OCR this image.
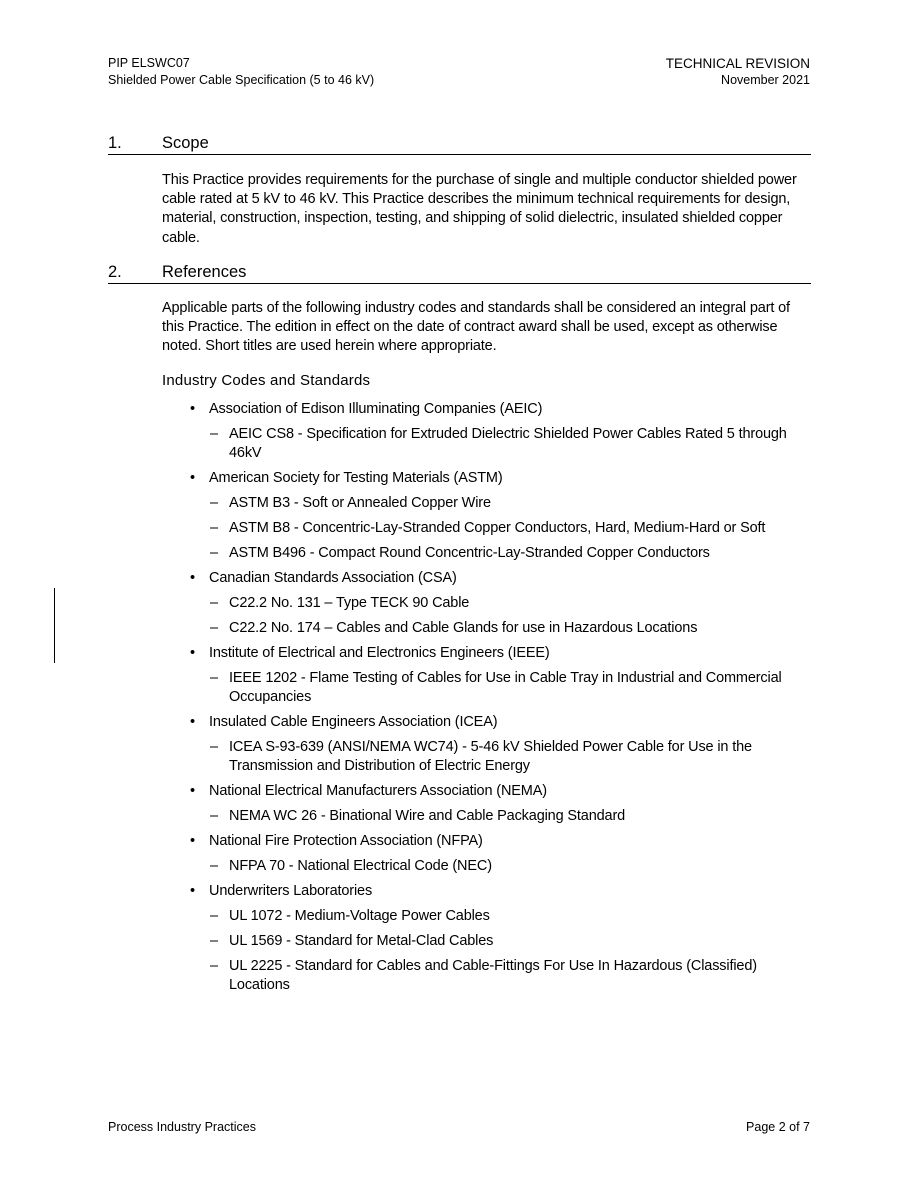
PIP ELSWC07
Shielded Power Cable Specification (5 to 46 kV)
TECHNICAL REVISION
November 2021
1.	Scope
This Practice provides requirements for the purchase of single and multiple conductor shielded power cable rated at 5 kV to 46 kV. This Practice describes the minimum technical requirements for design, material, construction, inspection, testing, and shipping of solid dielectric, insulated shielded copper cable.
2.	References
Applicable parts of the following industry codes and standards shall be considered an integral part of this Practice. The edition in effect on the date of contract award shall be used, except as otherwise noted. Short titles are used herein where appropriate.
Industry Codes and Standards
• Association of Edison Illuminating Companies (AEIC)
– AEIC CS8 - Specification for Extruded Dielectric Shielded Power Cables Rated 5 through 46kV
• American Society for Testing Materials (ASTM)
– ASTM B3 - Soft or Annealed Copper Wire
– ASTM B8 - Concentric-Lay-Stranded Copper Conductors, Hard, Medium-Hard or Soft
– ASTM B496 - Compact Round Concentric-Lay-Stranded Copper Conductors
• Canadian Standards Association (CSA)
– C22.2 No. 131 – Type TECK 90 Cable
– C22.2 No. 174 – Cables and Cable Glands for use in Hazardous Locations
• Institute of Electrical and Electronics Engineers (IEEE)
– IEEE 1202 - Flame Testing of Cables for Use in Cable Tray in Industrial and Commercial Occupancies
• Insulated Cable Engineers Association (ICEA)
– ICEA S-93-639 (ANSI/NEMA WC74) - 5-46 kV Shielded Power Cable for Use in the Transmission and Distribution of Electric Energy
• National Electrical Manufacturers Association (NEMA)
– NEMA WC 26 - Binational Wire and Cable Packaging Standard
• National Fire Protection Association (NFPA)
– NFPA 70 - National Electrical Code (NEC)
• Underwriters Laboratories
– UL 1072 - Medium-Voltage Power Cables
– UL 1569 - Standard for Metal-Clad Cables
– UL 2225 - Standard for Cables and Cable-Fittings For Use In Hazardous (Classified) Locations
Process Industry Practices	Page 2 of 7
